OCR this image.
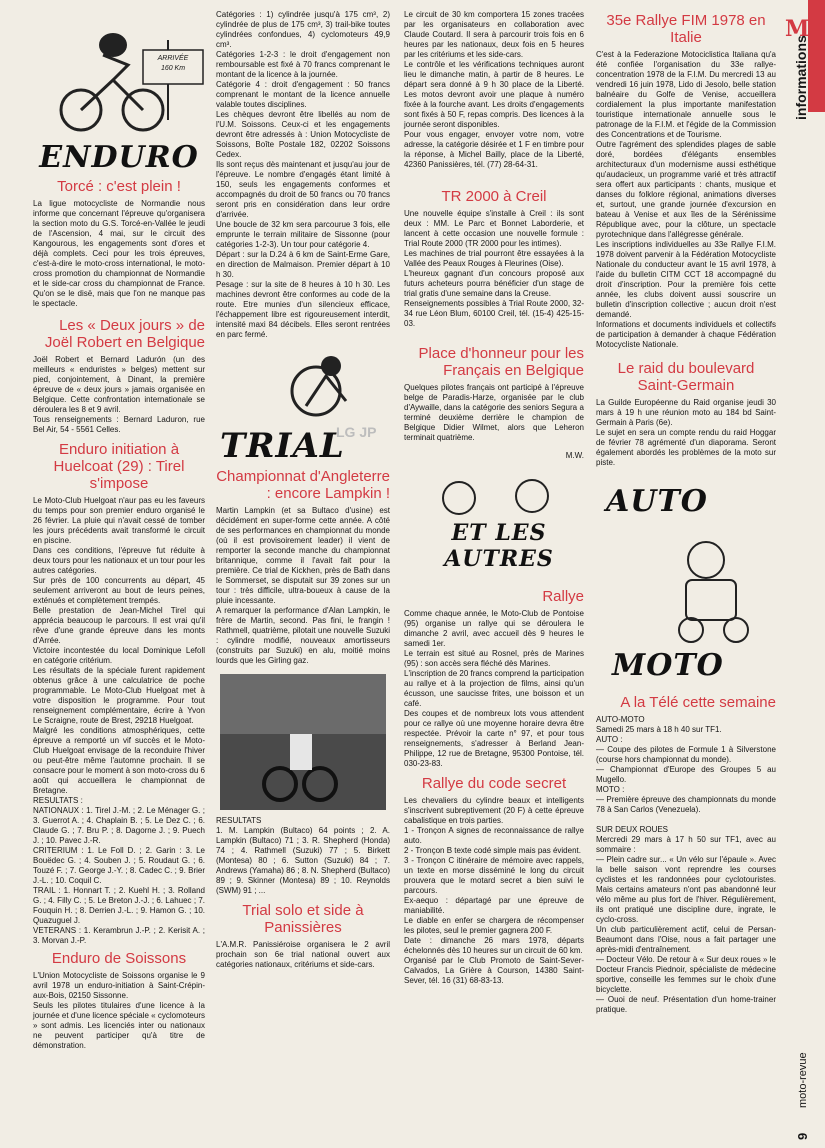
M
informations
moto-revue
9
ARRIVÉE
160 Km
ENDURO
Torcé : c'est plein !

La ligue motocycliste de Normandie nous informe que concernant l'épreuve qu'organisera la section moto du G.S. Torcé-en-Vallée le jeudi de l'Ascension, 4 mai, sur le circuit des Kangourous, les engagements sont d'ores et déjà complets. Ceci pour les trois épreuves, c'est-à-dire le moto-cross international, le moto-cross promotion du championnat de Normandie et le side-car cross du championnat de France. Qu'on se le disë, mais que l'on ne manque pas le spectacle.

Les « Deux jours » de Joël Robert en Belgique

Joël Robert et Bernard Ladurón (un des meilleurs « enduristes » belges) mettent sur pied, conjointement, à Dinant, la première épreuve de « deux jours » jamais organisée en Belgique. Cette confrontation internationale se déroulera les 8 et 9 avril.
Tous renseignements : Bernard Laduron, rue Bel Air, 54 - 5561 Celles.

Enduro initiation à Huelcoat (29) : Tirel s'impose

Le Moto-Club Huelgoat n'aur pas eu les faveurs du temps pour son premier enduro organisé le 26 février. La pluie qui n'avait cessé de tomber les jours précédents avait transformé le circuit en piscine.
Dans ces conditions, l'épreuve fut réduite à deux tours pour les nationaux et un tour pour les autres catégories.
Sur près de 100 concurrents au départ, 45 seulement arriveront au bout de leurs peines, exténués et complètement trempés.
Belle prestation de Jean-Michel Tirel qui apprécia beaucoup le parcours. Il est vrai qu'il rêve d'une grande épreuve dans les monts d'Arrée.
Victoire incontestée du local Dominique Lefoll en catégorie critérium.
Les résultats de la spéciale furent rapidement obtenus grâce à une calculatrice de poche programmable. Le Moto-Club Huelgoat met à votre disposition le programme. Pour tout renseignement complémentaire, écrire à Yvon Le Scraigne, route de Brest, 29218 Huelgoat.
Malgré les conditions atmosphériques, cette épreuve a remporté un vif succès et le Moto-Club Huelgoat envisage de la reconduire l'hiver ou peut-être même l'automne prochain. Il se consacre pour le moment à son moto-cross du 6 août qui accueillera le championnat de Bretagne.
RESULTATS :
NATIONAUX : 1. Tirel J.-M. ; 2. Le Ménager G. ; 3. Guerrot A. ; 4. Chaplain B. ; 5. Le Dez C. ; 6. Claude G. ; 7. Bru P. ; 8. Dagorne J. ; 9. Puech J. ; 10. Pavec J.-R.
CRITERIUM : 1. Le Foll D. ; 2. Garin : 3. Le Bouëdec G. ; 4. Souben J. ; 5. Roudaut G. ; 6. Touzé F. ; 7. George J.-Y. ; 8. Cadec C. ; 9. Brier J.-L. ; 10. Coquil C.
TRAIL : 1. Honnart T. ; 2. Kuehl H. ; 3. Rolland G. ; 4. Filly C. ; 5. Le Breton J.-J. ; 6. Lahuec ; 7. Fouquin H. ; 8. Derrien J.-L. ; 9. Hamon G. ; 10. Quazuguel J.
VETERANS : 1. Kerambrun J.-P. ; 2. Kerisit A. ; 3. Morvan J.-P.

Enduro de Soissons

L'Union Motocycliste de Soissons organise le 9 avril 1978 un enduro-initiation à Saint-Crépin-aux-Bois, 02150 Sissonne.
Seuls les pilotes titulaires d'une licence à la journée et d'une licence spéciale « cyclomoteurs » sont admis. Les licenciés inter ou nationaux ne peuvent participer qu'à titre de démonstration.

Catégories : 1) cylindrée jusqu'à 175 cm³, 2) cylindrée de plus de 175 cm³, 3) trail-bike toutes cylindrées confondues, 4) cyclomoteurs 49,9 cm³.
Catégories 1-2-3 : le droit d'engagement non remboursable est fixé à 70 francs comprenant le montant de la licence à la journée.
Catégorie 4 : droit d'engagement : 50 francs comprenant le montant de la licence annuelle valable toutes disciplines.
Les chèques devront être libellés au nom de l'U.M. Soissons. Ceux-ci et les engagements devront être adressés à : Union Motocycliste de Soissons, Boîte Postale 182, 02202 Soissons Cedex.
Ils sont reçus dès maintenant et jusqu'au jour de l'épreuve. Le nombre d'engagés étant limité à 150, seuls les engagements conformes et accompagnés du droit de 50 francs ou 70 francs seront pris en considération dans leur ordre d'arrivée.
Une boucle de 32 km sera parcourue 3 fois, elle emprunte le terrain militaire de Sissonne (pour catégories 1-2-3). Un tour pour catégorie 4.
Départ : sur la D.24 à 6 km de Saint-Erme Gare, en direction de Malmaison. Premier départ à 10 h 30.
Pesage : sur la site de 8 heures à 10 h 30. Les machines devront être conformes au code de la route. Etre munies d'un silencieux efficace, l'échappement libre est rigoureusement interdit, intensité maxi 84 décibels. Elles seront rentrées en parc fermé.

TRIAL
LG JP
Championnat d'Angleterre : encore Lampkin !

Martin Lampkin (et sa Bultaco d'usine) est décidément en super-forme cette année. A côté de ses performances en championnat du monde (où il est provisoirement leader) il vient de remporter la seconde manche du championnat britannique, comme il l'avait fait pour la première. Ce trial de Kickhen, près de Bath dans le Sommerset, se disputait sur 39 zones sur un tour : très difficile, ultra-boueux à cause de la pluie incessante.
A remarquer la performance d'Alan Lampkin, le frère de Martin, second. Pas fini, le frangin ! Rathmell, quatrième, pilotait une nouvelle Suzuki : cylindre modifié, nouveaux amortisseurs (construits par Suzuki) en alu, moitié moins lourds que les Girling gaz.

RESULTATS
1. M. Lampkin (Bultaco) 64 points ; 2. A. Lampkin (Bultaco) 71 ; 3. R. Shepherd (Honda) 74 ; 4. Rathmell (Suzuki) 77 ; 5. Birkett (Montesa) 80 ; 6. Sutton (Suzuki) 84 ; 7. Andrews (Yamaha) 86 ; 8. N. Shepherd (Bultaco) 89 ; 9. Skinner (Montesa) 89 ; 10. Reynolds (SWM) 91 ; ...

Trial solo et side à Panissières

L'A.M.R. Panissiéroise organisera le 2 avril prochain son 6e trial national ouvert aux catégories nationaux, critériums et side-cars.

Le circuit de 30 km comportera 15 zones tracées par les organisateurs en collaboration avec Claude Coutard. Il sera à parcourir trois fois en 6 heures par les nationaux, deux fois en 5 heures par les critériums et les side-cars.
Le contrôle et les vérifications techniques auront lieu le dimanche matin, à partir de 8 heures. Le départ sera donné à 9 h 30 place de la Liberté. Les motos devront avoir une plaque à numéro fixée à la fourche avant. Les droits d'engagements sont fixés à 50 F, repas compris. Des licences à la journée seront disponibles.
Pour vous engager, envoyer votre nom, votre adresse, la catégorie désirée et 1 F en timbre pour la réponse, à Michel Bailly, place de la Liberté, 42360 Panissières, tél. (77) 28-64-31.

TR 2000 à Creil

Une nouvelle équipe s'installe à Creil : ils sont deux : MM. Le Parc et Bonnet Laborderie, et lancent à cette occasion une nouvelle formule : Trial Route 2000 (TR 2000 pour les intimes).
Les machines de trial pourront être essayées à la Vallée des Peaux Rouges à Fleurines (Oise).
L'heureux gagnant d'un concours proposé aux futurs acheteurs pourra bénéficier d'un stage de trial gratis d'une semaine dans la Creuse.
Renseignements possibles à Trial Route 2000, 32-34 rue Léon Blum, 60100 Creil, tél. (15-4) 425-15-03.

Place d'honneur pour les Français en Belgique

Quelques pilotes français ont participé à l'épreuve belge de Paradis-Harze, organisée par le club d'Aywaille, dans la catégorie des seniors Segura a terminé deuxième derrière le champion de Belgique Didier Wilmet, alors que Leheron terminait quatrième.

M.W.
ET LES AUTRES
Rallye

Comme chaque année, le Moto-Club de Pontoise (95) organise un rallye qui se déroulera le dimanche 2 avril, avec accueil dès 9 heures le samedi 1er.
Le terrain est situé au Rosnel, près de Marines (95) : son accès sera fléché dès Marines.
L'inscription de 20 francs comprend la participation au rallye et à la projection de films, ainsi qu'un écusson, une saucisse frites, une boisson et un café.
Des coupes et de nombreux lots vous attendent pour ce rallye où une moyenne horaire devra être respectée. Prévoir la carte n° 97, et pour tous renseignements, s'adresser à Berland Jean-Philippe, 12 rue de Bretagne, 95300 Pontoise, tél. 030-23-83.

Rallye du code secret

Les chevaliers du cylindre beaux et intelligents s'inscrivent subreptivement (20 F) à cette épreuve cabalistique en trois parties.
1 - Tronçon A signes de reconnaissance de rallye auto.
2 - Tronçon B texte codé simple mais pas évident.
3 - Tronçon C itinéraire de mémoire avec rappels, un texte en morse disséminé le long du circuit prouvera que le motard secret a bien suivi le parcours.
Ex-aequo : départagé par une épreuve de maniabilité.
Le diable en enfer se chargera de récompenser les pilotes, seul le premier gagnera 200 F.
Date : dimanche 26 mars 1978, départs échelonnés dès 10 heures sur un circuit de 60 km.
Organisé par le Club Promoto de Saint-Sever-Calvados, La Grière à Courson, 14380 Saint-Sever, tél. 16 (31) 68-83-13.

35e Rallye FIM 1978 en Italie

C'est à la Federazione Motociclistica Italiana qu'a été confiée l'organisation du 33e rallye-concentration 1978 de la F.I.M. Du mercredi 13 au vendredi 16 juin 1978, Lido di Jesolo, belle station balnéaire du Golfe de Venise, accueillera cordialement la plus importante manifestation touristique internationale annuelle sous le patronage de la F.I.M. et l'égide de la Commission des Concentrations et de Tourisme.
Outre l'agrément des splendides plages de sable doré, bordées d'élégants ensembles architecturaux d'un modernisme aussi esthétique qu'audacieux, un programme varié et très attractif sera offert aux participants : chants, musique et danses du folklore régional, animations diverses et, surtout, une grande journée d'excursion en bateau à Venise et aux îles de la Sérénissime République avec, pour la clôture, un spectacle pyrotechnique dans l'allégresse générale.
Les inscriptions individuelles au 33e Rallye F.I.M. 1978 doivent parvenir à la Fédération Motocycliste Nationale du conducteur avant le 15 avril 1978, à l'aide du bulletin CITM CCT 18 accompagné du droit d'inscription. Pour la première fois cette année, les clubs doivent aussi souscrire un bulletin d'inscription collective ; aucun droit n'est demandé.
Informations et documents individuels et collectifs de participation à demander à chaque Fédération Motocycliste Nationale.

Le raid du boulevard Saint-Germain

La Guilde Européenne du Raid organise jeudi 30 mars à 19 h une réunion moto au 184 bd Saint-Germain à Paris (6e).
Le sujet en sera un compte rendu du raid Hoggar de février 78 agrémenté d'un diaporama. Seront également abordés les problèmes de la moto sur piste.

AUTO
MOTO
A la Télé cette semaine

AUTO-MOTO
Samedi 25 mars à 18 h 40 sur TF1.
AUTO :
— Coupe des pilotes de Formule 1 à Silverstone (course hors championnat du monde).
— Championnat d'Europe des Groupes 5 au Mugello.
MOTO :
— Première épreuve des championnats du monde 78 à San Carlos (Venezuela).

SUR DEUX ROUES
Mercredi 29 mars à 17 h 50 sur TF1, avec au sommaire :
— Plein cadre sur... « Un vélo sur l'épaule ». Avec la belle saison vont reprendre les courses cyclistes et les randonnées pour cyclotouristes. Mais certains amateurs n'ont pas abandonné leur vélo même au plus fort de l'hiver. Régulièrement, ils ont pratiqué une discipline dure, ingrate, le cyclo-cross.
Un club particulièrement actif, celui de Persan-Beaumont dans l'Oise, nous a fait partager une après-midi d'entraînement.
— Docteur Vélo. De retour à « Sur deux roues » le Docteur Francis Piednoir, spécialiste de médecine sportive, conseille les femmes sur le choix d'une bicyclette.
— Ouoi de neuf. Présentation d'un home-trainer pratique.
